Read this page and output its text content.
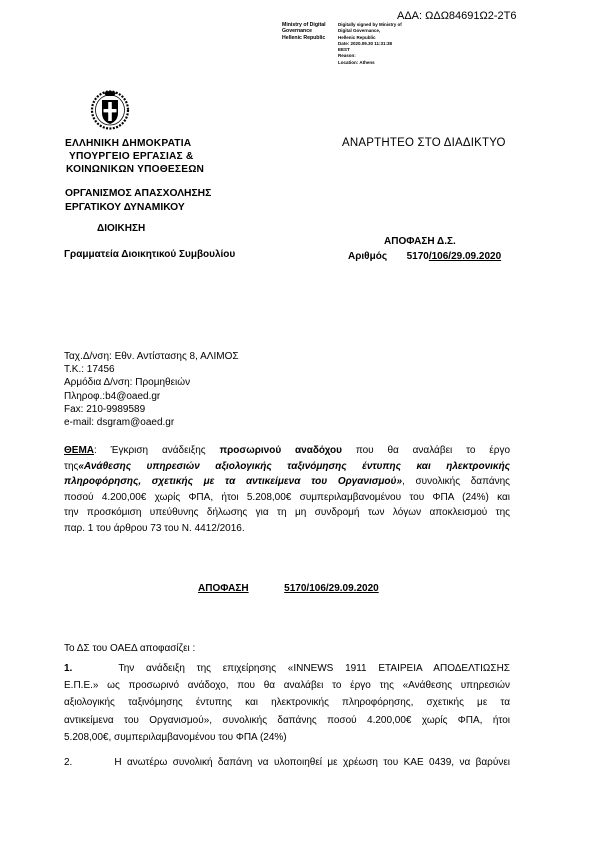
ΑΔΑ: ΩΔΩ84691Ω2-2Τ6
Ministry of Digital
Governance
Hellenic Republic
Digitally signed by Ministry of
Digital Governance,
Hellenic Republic
Date: 2020.09.30 11:31:38
EEST
Reason:
Location: Athens
ΕΛΛΗΝΙΚΗ ΔΗΜΟΚΡΑΤΙΑ
ΥΠΟΥΡΓΕΙΟ ΕΡΓΑΣΙΑΣ &
ΚΟΙΝΩΝΙΚΩΝ ΥΠΟΘΕΣΕΩΝ
ΟΡΓΑΝΙΣΜΟΣ ΑΠΑΣΧΟΛΗΣΗΣ
ΕΡΓΑΤΙΚΟΥ ΔΥΝΑΜΙΚΟΥ
ΔΙΟΙΚΗΣΗ
Γραμματεία Διοικητικού Συμβουλίου
ΑΝΑΡΤΗΤΕΟ ΣΤΟ ΔΙΑΔΙΚΤΥΟ
ΑΠΟΦΑΣΗ Δ.Σ.
Αριθμός 5170/106/29.09.2020
Ταχ.Δ/νση: Εθν. Αντίστασης 8, ΑΛΙΜΟΣ
Τ.Κ.: 17456
Αρμόδια Δ/νση: Προμηθειών
Πληροφ.:b4@oaed.gr
Fax: 210-9989589
e-mail: dsgram@oaed.gr
ΘΕΜΑ: Έγκριση ανάδειξης προσωρινού αναδόχου που θα αναλάβει το έργο
της«Ανάθεσης υπηρεσιών αξιολογικής ταξινόμησης έντυπης και ηλεκτρονικής
πληροφόρησης, σχετικής με τα αντικείμενα του Οργανισμού», συνολικής δαπάνης
ποσού 4.200,00€ χωρίς ΦΠΑ, ήτοι 5.208,00€ συμπεριλαμβανομένου του ΦΠΑ (24%) και
την προσκόμιση υπεύθυνης δήλωσης για τη μη συνδρομή των λόγων αποκλεισμού της
παρ. 1 του άρθρου 73 του Ν. 4412/2016.
ΑΠΟΦΑΣΗ	5170/106/29.09.2020
Το ΔΣ του ΟΑΕΔ αποφασίζει :
1.	Την ανάδειξη της επιχείρησης «INNEWS 1911 ΕΤΑΙΡΕΙΑ ΑΠΟΔΕΛΤΙΩΣΗΣ
Ε.Π.Ε.» ως προσωρινό ανάδοχο, που θα αναλάβει το έργο της «Ανάθεσης υπηρεσιών
αξιολογικής ταξινόμησης έντυπης και ηλεκτρονικής πληροφόρησης, σχετικής με τα
αντικείμενα του Οργανισμού», συνολικής δαπάνης ποσού 4.200,00€ χωρίς ΦΠΑ, ήτοι
5.208,00€, συμπεριλαμβανομένου του ΦΠΑ (24%)
2.	Η ανωτέρω συνολική δαπάνη να υλοποιηθεί με χρέωση του ΚΑΕ 0439, να βαρύνει
